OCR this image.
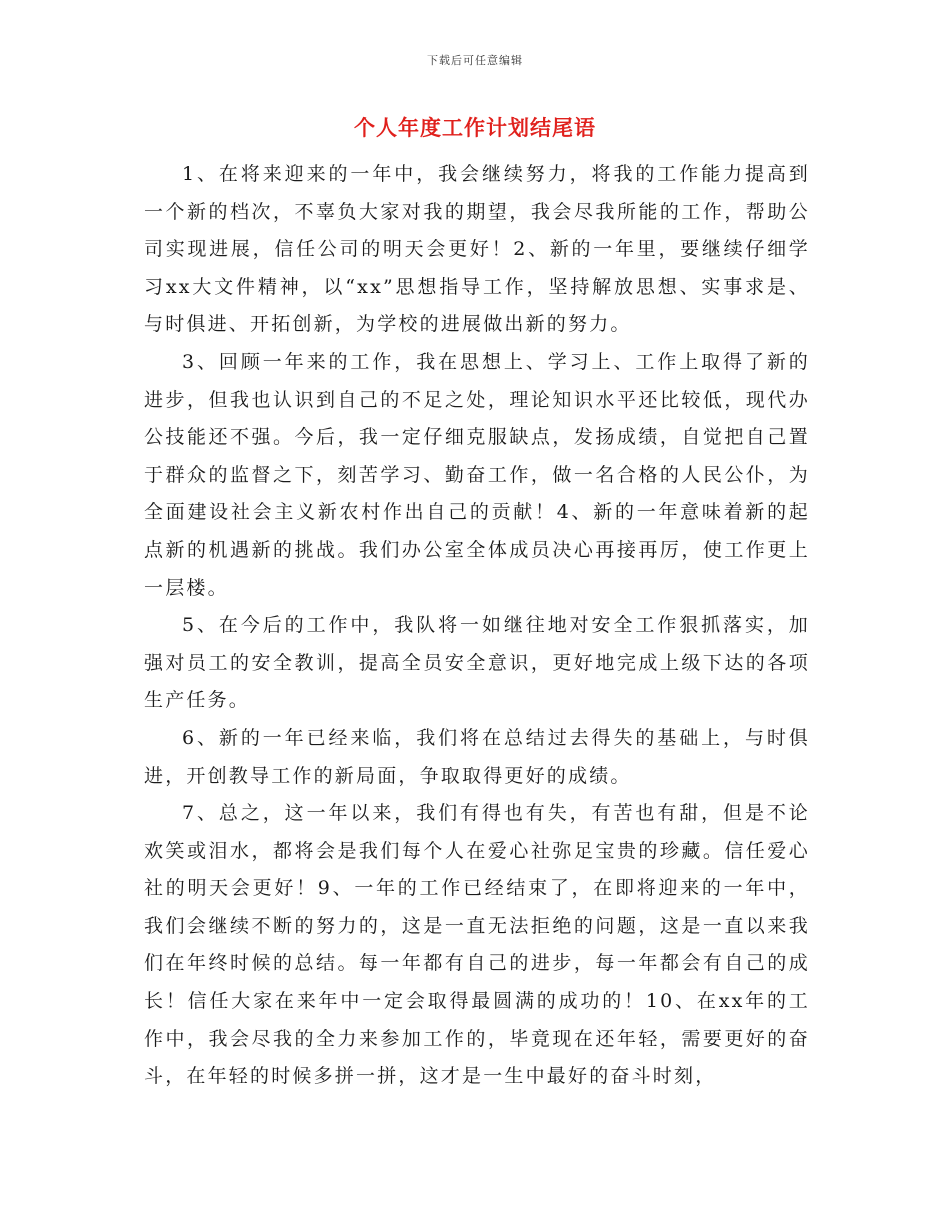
下载后可任意编辑
个人年度工作计划结尾语

1、在将来迎来的一年中，我会继续努力，将我的工作能力提高到一个新的档次，不辜负大家对我的期望，我会尽我所能的工作，帮助公司实现进展，信任公司的明天会更好！2、新的一年里，要继续仔细学习xx大文件精神，以“xx”思想指导工作，坚持解放思想、实事求是、与时俱进、开拓创新，为学校的进展做出新的努力。

3、回顾一年来的工作，我在思想上、学习上、工作上取得了新的进步，但我也认识到自己的不足之处，理论知识水平还比较低，现代办公技能还不强。今后，我一定仔细克服缺点，发扬成绩，自觉把自己置于群众的监督之下，刻苦学习、勤奋工作，做一名合格的人民公仆，为全面建设社会主义新农村作出自己的贡献！4、新的一年意味着新的起点新的机遇新的挑战。我们办公室全体成员决心再接再厉，使工作更上一层楼。

5、在今后的工作中，我队将一如继往地对安全工作狠抓落实，加强对员工的安全教训，提高全员安全意识，更好地完成上级下达的各项生产任务。

6、新的一年已经来临，我们将在总结过去得失的基础上，与时俱进，开创教导工作的新局面，争取取得更好的成绩。

7、总之，这一年以来，我们有得也有失，有苦也有甜，但是不论欢笑或泪水，都将会是我们每个人在爱心社弥足宝贵的珍藏。信任爱心社的明天会更好！9、一年的工作已经结束了，在即将迎来的一年中，我们会继续不断的努力的，这是一直无法拒绝的问题，这是一直以来我们在年终时候的总结。每一年都有自己的进步，每一年都会有自己的成长！信任大家在来年中一定会取得最圆满的成功的！10、在xx年的工作中，我会尽我的全力来参加工作的，毕竟现在还年轻，需要更好的奋斗，在年轻的时候多拼一拼，这才是一生中最好的奋斗时刻，
